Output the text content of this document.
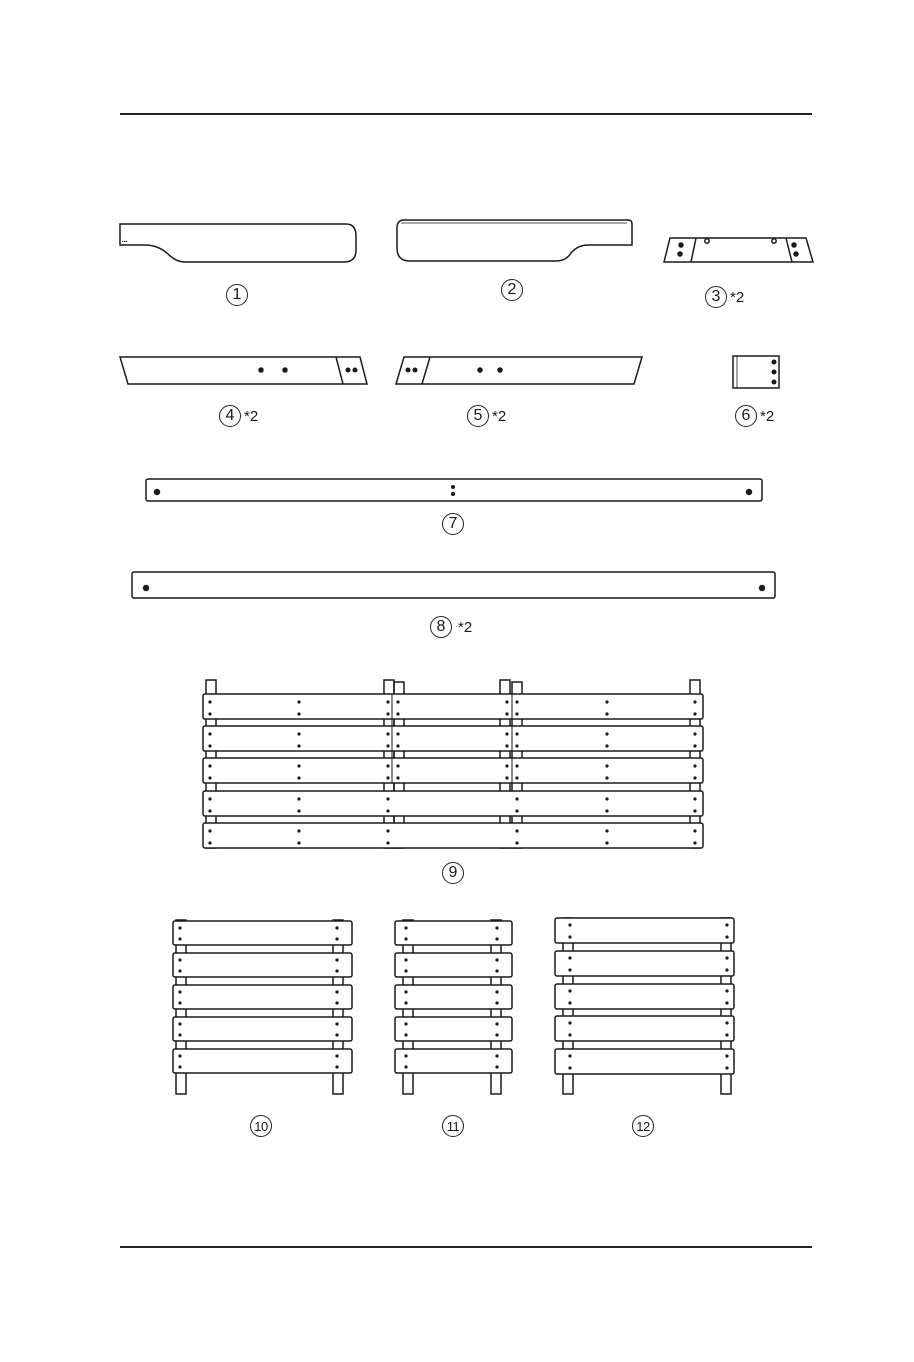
▪▪▪
1	2	3 *2
4 *2	5 *2	6 *2
7
8 *2
9
10	11	12
